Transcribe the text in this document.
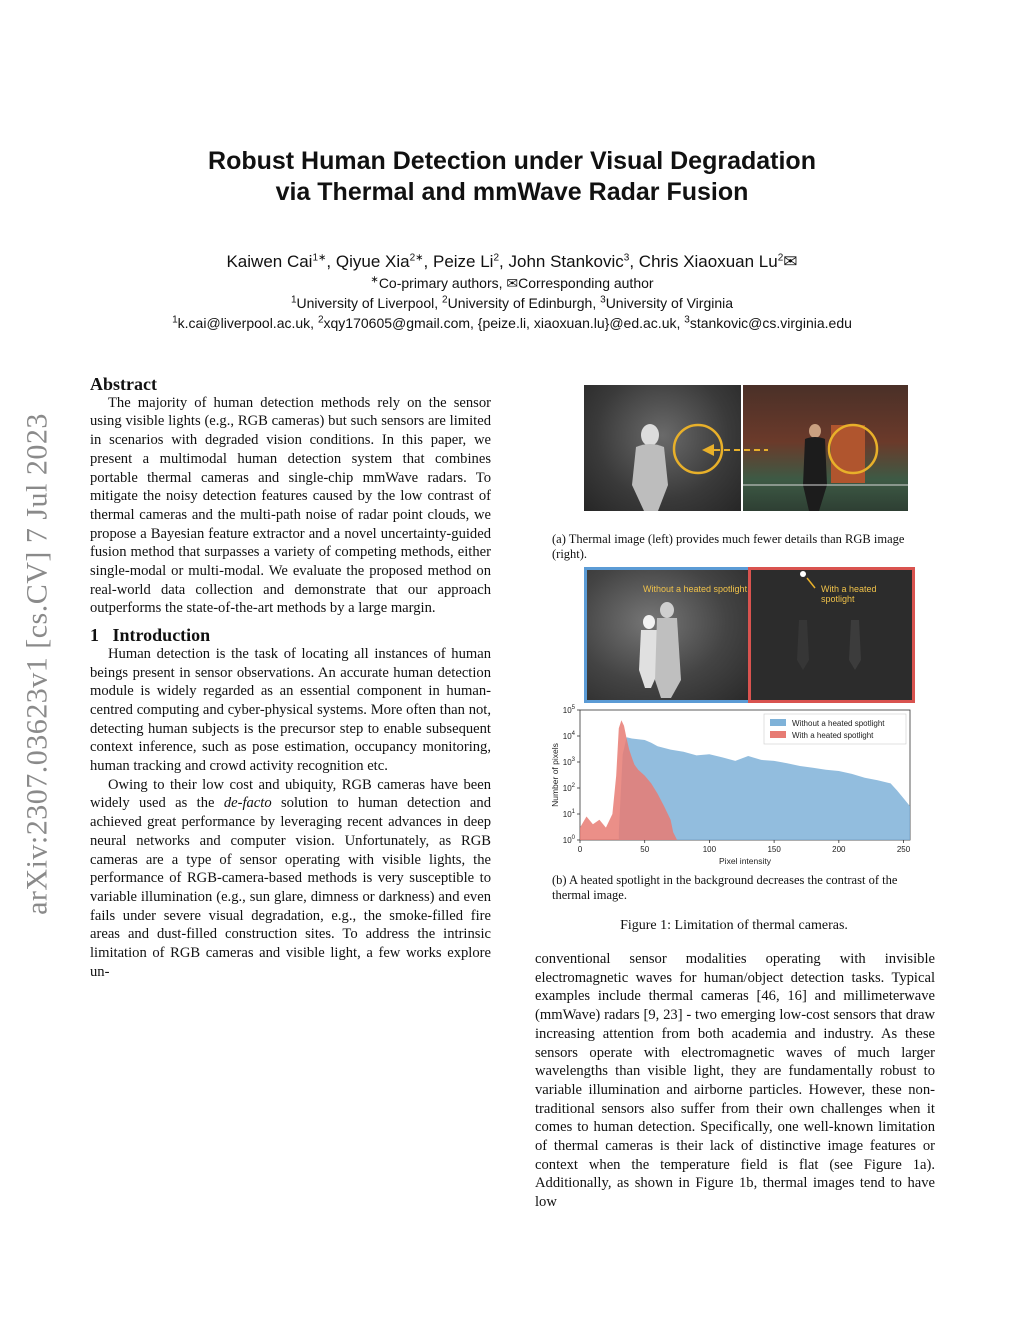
Robust Human Detection under Visual Degradation
via Thermal and mmWave Radar Fusion
Kaiwen Cai$^{1∗}$, Qiyue Xia$^{2∗}$, Peize Li$^2$, John Stankovic$^3$, Chris Xiaoxuan Lu$^2$✉
∗Co-primary authors, ✉Corresponding author
$^1$University of Liverpool, $^2$University of Edinburgh, $^3$University of Virginia
$^1$k.cai@liverpool.ac.uk, $^2$xqy170605@gmail.com, {peize.li, xiaoxuan.lu}@ed.ac.uk, $^3$stankovic@cs.virginia.edu
arXiv:2307.03623v1 [cs.CV] 7 Jul 2023
Abstract

The majority of human detection methods rely on the sensor using visible lights (e.g., RGB cameras) but such sensors are limited in scenarios with degraded vision conditions. In this paper, we present a multimodal human detection system that combines portable thermal cameras and single-chip mmWave radars. To mitigate the noisy detection features caused by the low contrast of thermal cameras and the multi-path noise of radar point clouds, we propose a Bayesian feature extractor and a novel uncertainty-guided fusion method that surpasses a variety of competing methods, either single-modal or multi-modal. We evaluate the proposed method on real-world data collection and demonstrate that our approach outperforms the state-of-the-art methods by a large margin.

1 Introduction

Human detection is the task of locating all instances of human beings present in sensor observations. An accurate human detection module is widely regarded as an essential component in human-centred computing and cyber-physical systems. More often than not, detecting human subjects is the precursor step to enable subsequent context inference, such as pose estimation, occupancy monitoring, human tracking and crowd activity recognition etc.

Owing to their low cost and ubiquity, RGB cameras have been widely used as the de-facto solution to human detection and achieved great performance by leveraging recent advances in deep neural networks and computer vision. Unfortunately, as RGB cameras are a type of sensor operating with visible lights, the performance of RGB-camera-based methods is very susceptible to variable illumination (e.g., sun glare, dimness or darkness) and even fails under severe visual degradation, e.g., the smoke-filled fire areas and dust-filled construction sites. To address the intrinsic limitation of RGB cameras and visible light, a few works explore un-

(a) Thermal image (left) provides much fewer details than RGB image (right).
Without a heated spotlight	With a heated spotlight
0	50	100	150	200	250
$10^5$
$10^4$
$10^3$
$10^2$
$10^1$
$10^0$
Pixel intensity
Number of pixels
Without a heated spotlight
With a heated spotlight
(b) A heated spotlight in the background decreases the contrast of the thermal image.
Figure 1: Limitation of thermal cameras.

conventional sensor modalities operating with invisible electromagnetic waves for human/object detection tasks. Typical examples include thermal cameras [46, 16] and millimeterwave (mmWave) radars [9, 23] - two emerging low-cost sensors that draw increasing attention from both academia and industry. As these sensors operate with electromagnetic waves of much larger wavelengths than visible light, they are fundamentally robust to variable illumination and airborne particles. However, these non-traditional sensors also suffer from their own challenges when it comes to human detection. Specifically, one well-known limitation of thermal cameras is their lack of distinctive image features or context when the temperature field is flat (see Figure 1a). Additionally, as shown in Figure 1b, thermal images tend to have low
